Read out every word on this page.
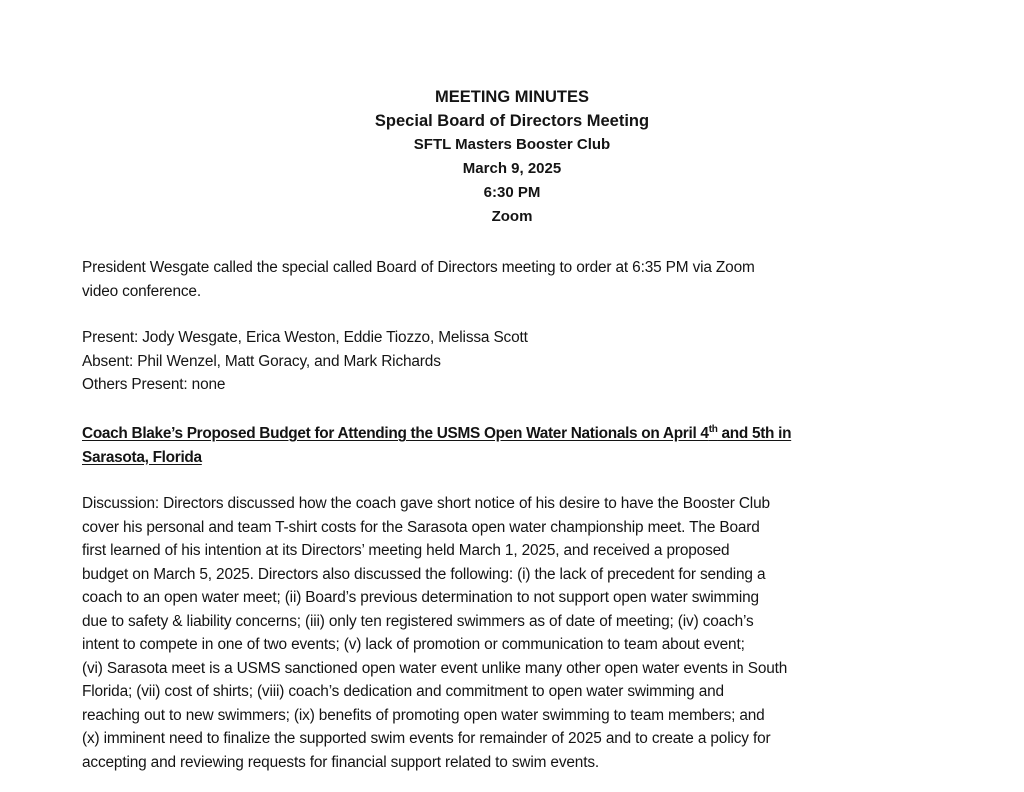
MEETING MINUTES
Special Board of Directors Meeting
SFTL Masters Booster Club
March 9, 2025
6:30 PM
Zoom
President Wesgate called the special called Board of Directors meeting to order at 6:35 PM via Zoom
video conference.
Present: Jody Wesgate, Erica Weston, Eddie Tiozzo, Melissa Scott
Absent: Phil Wenzel, Matt Goracy, and Mark Richards
Others Present: none
Coach Blake’s Proposed Budget for Attending the USMS Open Water Nationals on April 4th and 5th in
Sarasota, Florida
Discussion: Directors discussed how the coach gave short notice of his desire to have the Booster Club
cover his personal and team T-shirt costs for the Sarasota open water championship meet. The Board
first learned of his intention at its Directors’ meeting held March 1, 2025, and received a proposed
budget on March 5, 2025. Directors also discussed the following: (i) the lack of precedent for sending a
coach to an open water meet; (ii) Board’s previous determination to not support open water swimming
due to safety & liability concerns; (iii) only ten registered swimmers as of date of meeting; (iv) coach’s
intent to compete in one of two events; (v) lack of promotion or communication to team about event;
(vi) Sarasota meet is a USMS sanctioned open water event unlike many other open water events in South
Florida; (vii) cost of shirts; (viii) coach’s dedication and commitment to open water swimming and
reaching out to new swimmers; (ix) benefits of promoting open water swimming to team members; and
(x) imminent need to finalize the supported swim events for remainder of 2025 and to create a policy for
accepting and reviewing requests for financial support related to swim events.
